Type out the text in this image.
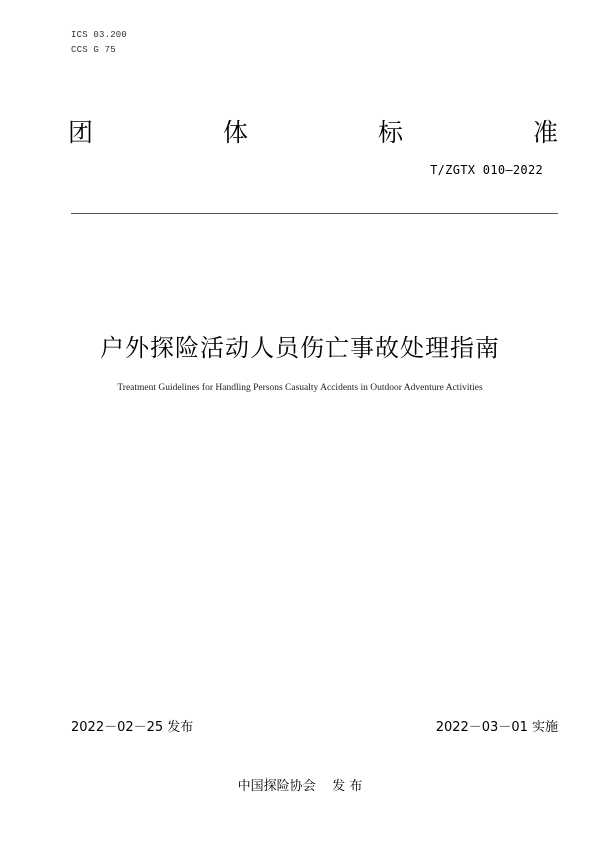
ICS 03.200
CCS G 75
团	体	标	准
T/ZGTX 010—2022
户外探险活动人员伤亡事故处理指南
Treatment Guidelines for Handling Persons Casualty Accidents in Outdoor Adventure Activities
2022－02－25 发布	2022－03－01 实施
中国探险协会    发 布
